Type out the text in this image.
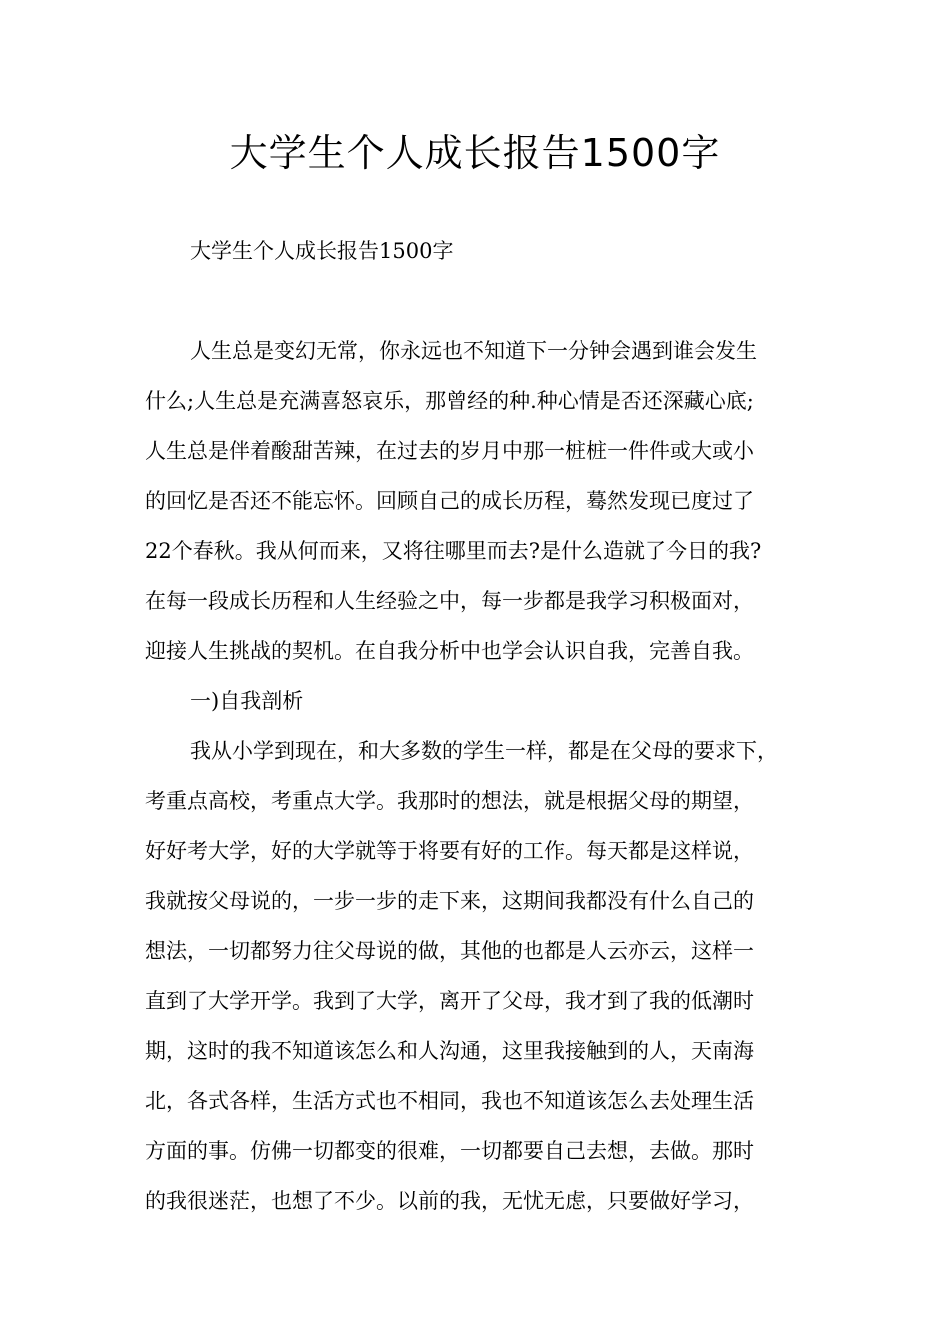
大学生个人成长报告1500字

大学生个人成长报告1500字

人生总是变幻无常，你永远也不知道下一分钟会遇到谁会发生

什么;人生总是充满喜怒哀乐，那曾经的种.种心情是否还深藏心底;

人生总是伴着酸甜苦辣，在过去的岁月中那一桩桩一件件或大或小

的回忆是否还不能忘怀。回顾自己的成长历程，蓦然发现已度过了

22个春秋。我从何而来，又将往哪里而去?是什么造就了今日的我?

在每一段成长历程和人生经验之中，每一步都是我学习积极面对，

迎接人生挑战的契机。在自我分析中也学会认识自我，完善自我。

一)自我剖析

我从小学到现在，和大多数的学生一样，都是在父母的要求下，

考重点高校，考重点大学。我那时的想法，就是根据父母的期望，

好好考大学，好的大学就等于将要有好的工作。每天都是这样说，

我就按父母说的，一步一步的走下来，这期间我都没有什么自己的

想法，一切都努力往父母说的做，其他的也都是人云亦云，这样一

直到了大学开学。我到了大学，离开了父母，我才到了我的低潮时

期，这时的我不知道该怎么和人沟通，这里我接触到的人，天南海

北，各式各样，生活方式也不相同，我也不知道该怎么去处理生活

方面的事。仿佛一切都变的很难，一切都要自己去想，去做。那时

的我很迷茫，也想了不少。以前的我，无忧无虑，只要做好学习，
